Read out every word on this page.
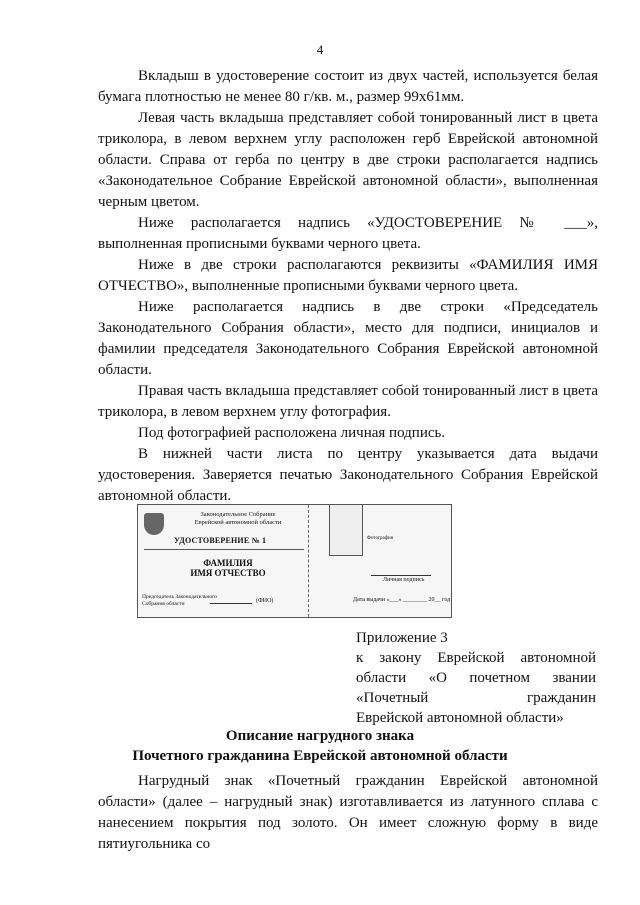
4

Вкладыш в удостоверение состоит из двух частей, используется белая бумага плотностью не менее 80 г/кв. м., размер 99х61мм.

Левая часть вкладыша представляет собой тонированный лист в цвета триколора, в левом верхнем углу расположен герб Еврейской автономной области. Справа от герба по центру в две строки располагается надпись «Законодательное Собрание Еврейской автономной области», выполненная черным цветом.

Ниже располагается надпись «УДОСТОВЕРЕНИЕ № ___», выполненная прописными буквами черного цвета.

Ниже в две строки располагаются реквизиты «ФАМИЛИЯ ИМЯ ОТЧЕСТВО», выполненные прописными буквами черного цвета.

Ниже располагается надпись в две строки «Председатель Законодательного Собрания области», место для подписи, инициалов и фамилии председателя Законодательного Собрания Еврейской автономной области.

Правая часть вкладыша представляет собой тонированный лист в цвета триколора, в левом верхнем углу фотография.

Под фотографией расположена личная подпись.

В нижней части листа по центру указывается дата выдачи удостоверения. Заверяется печатью Законодательного Собрания Еврейской автономной области.

Законодательное Собрание
Еврейской автономной области
УДОСТОВЕРЕНИЕ № 1
ФАМИЛИЯ
ИМЯ ОТЧЕСТВО
Председатель Законодательного
Собрания области	(ФИО)
Фотография
Личная подпись
Дата выдачи «___» ________ 20__ год
Приложение 3
к закону Еврейской автономной
области «О почетном звании
«Почетный гражданин
Еврейской автономной области»
Описание нагрудного знака
Почетного гражданина Еврейской автономной области

Нагрудный знак «Почетный гражданин Еврейской автономной области» (далее – нагрудный знак) изготавливается из латунного сплава с нанесением покрытия под золото. Он имеет сложную форму в виде пятиугольника со
